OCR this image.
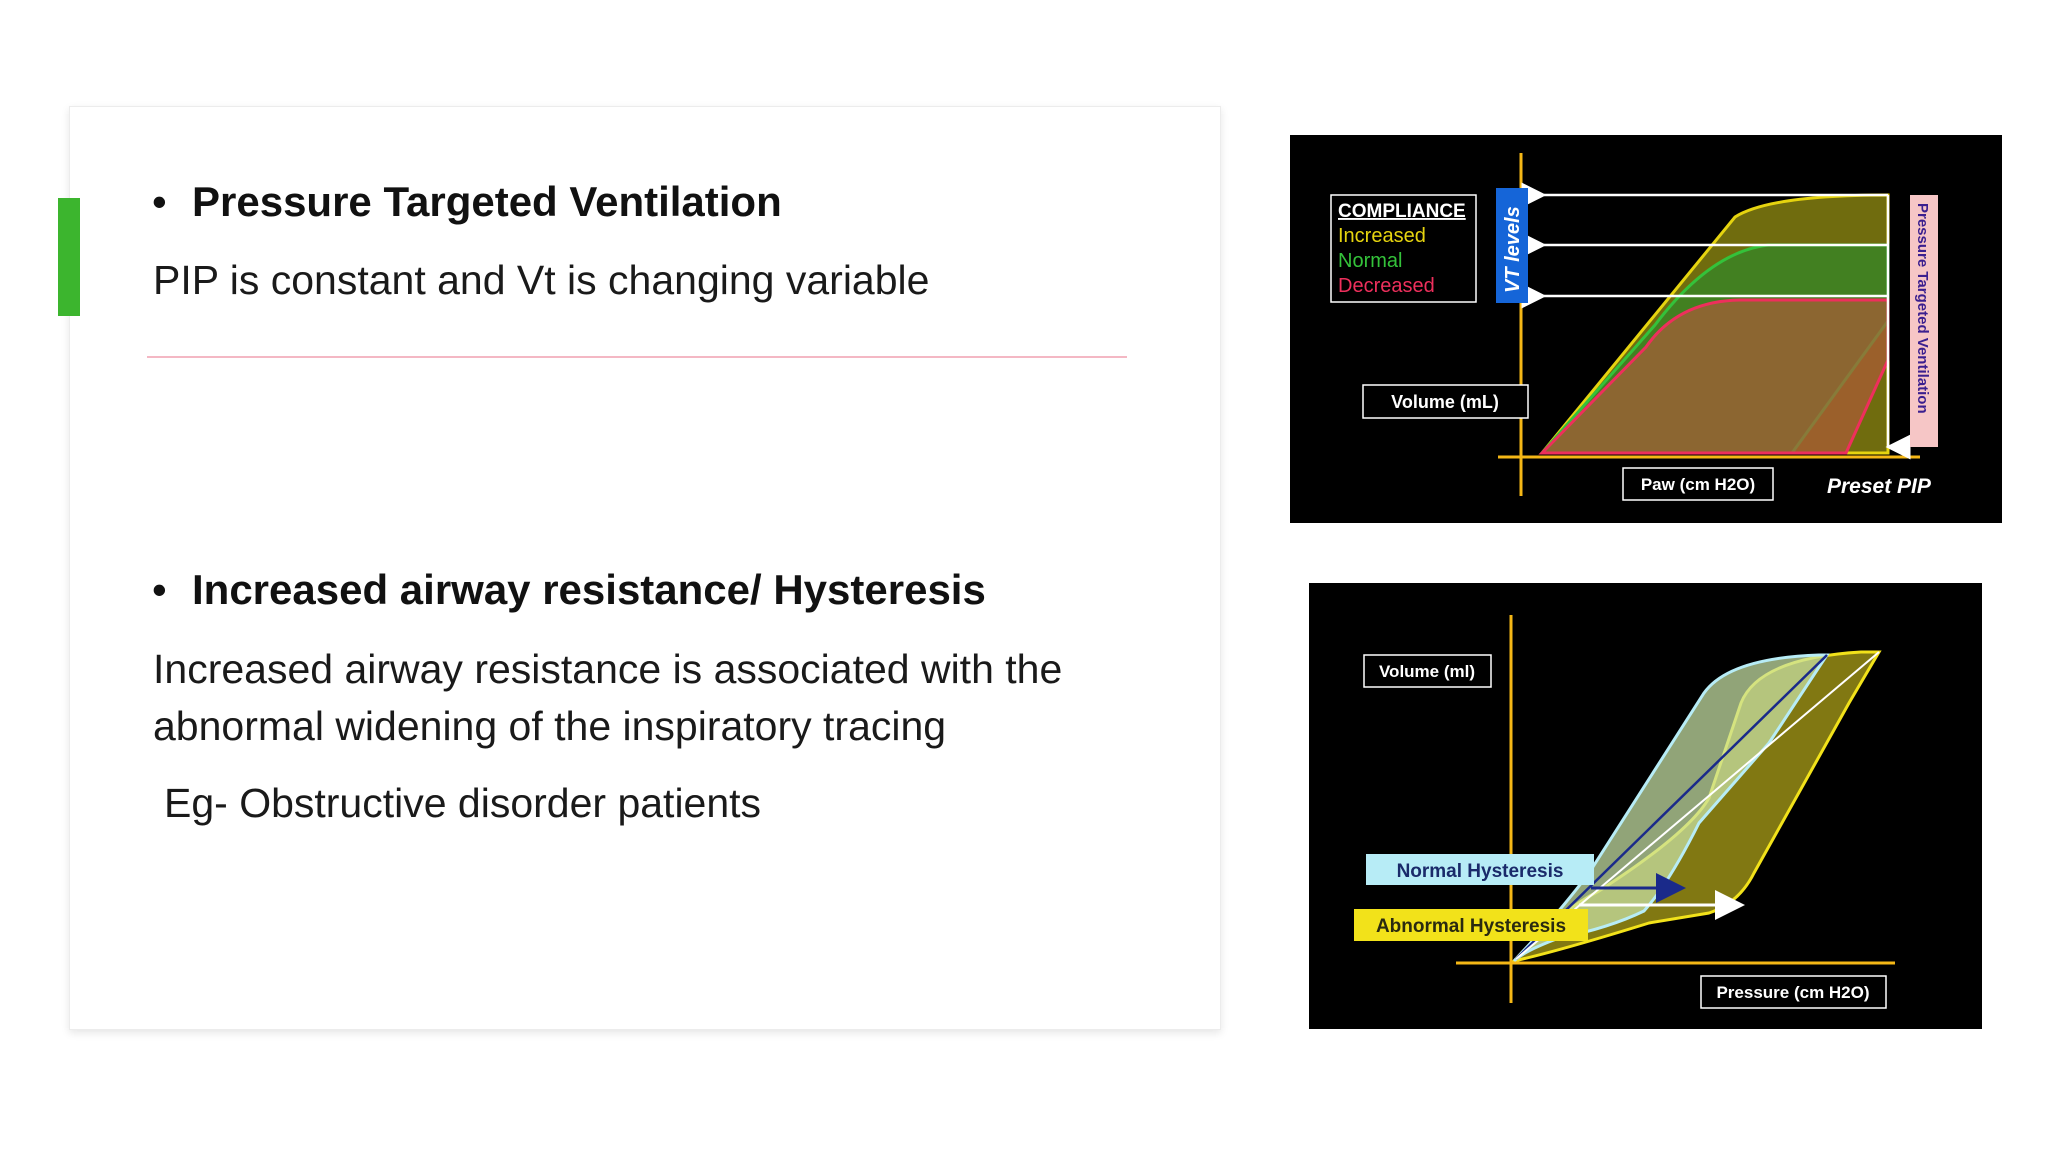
• Pressure Targeted Ventilation
PIP is constant and Vt is changing variable
• Increased airway resistance/ Hysteresis
Increased airway resistance is associated with the
abnormal widening of the inspiratory tracing
Eg- Obstructive disorder patients
COMPLIANCE
Increased
Normal
Decreased	VT levels
Volume (mL)
Paw (cm H2O)	Preset PIP
Pressure Targeted Ventilation
Volume (ml)
Normal Hysteresis
Abnormal Hysteresis
Pressure (cm H2O)
